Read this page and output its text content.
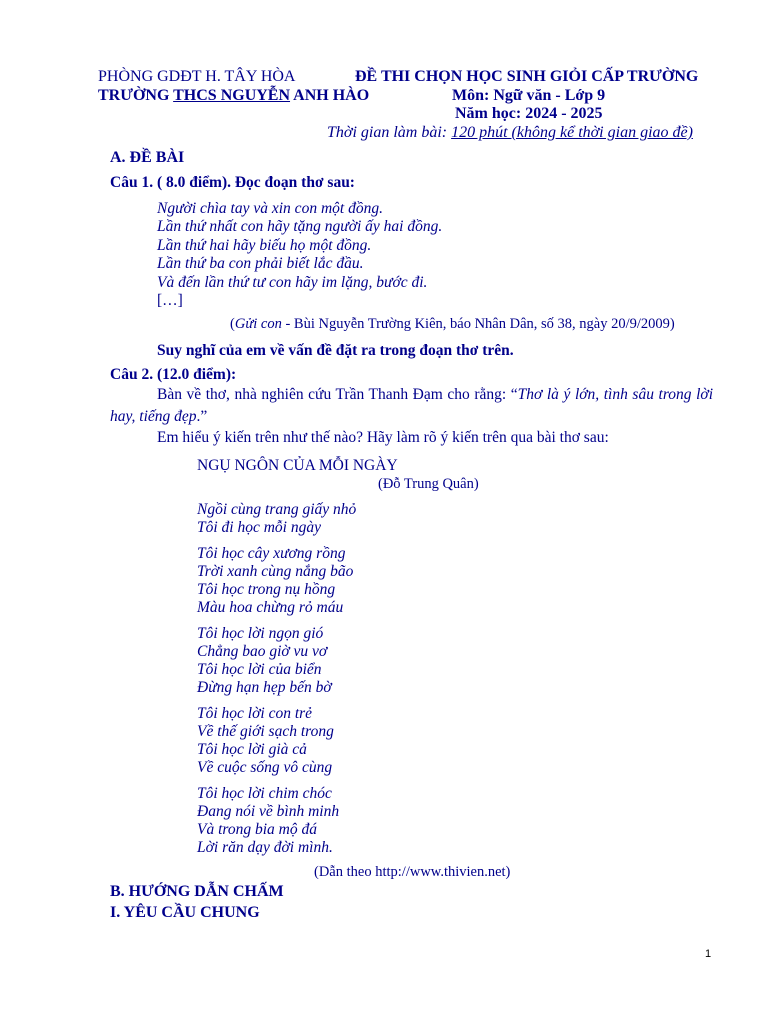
PHÒNG GDĐT H. TÂY HÒA
TRƯỜNG THCS NGUYỄN ANH HÀO
ĐỀ THI CHỌN HỌC SINH GIỎI CẤP TRƯỜNG
Môn: Ngữ văn - Lớp 9
Năm học: 2024 - 2025
Thời gian làm bài: 120 phút (không kể thời gian giao đề)
A. ĐỀ BÀI
Câu 1. ( 8.0 điểm). Đọc đoạn thơ sau:
Người chìa tay và xin con một đồng.
Lần thứ nhất con hãy tặng người ấy hai đồng.
Lần thứ hai hãy biếu họ một đồng.
Lần thứ ba con phải biết lắc đầu.
Và đến lần thứ tư con hãy im lặng, bước đi.
[…]
(Gửi con - Bùi Nguyễn Trường Kiên, báo Nhân Dân, số 38, ngày 20/9/2009)
Suy nghĩ của em về vấn đề đặt ra trong đoạn thơ trên.
Câu 2. (12.0 điểm):
Bàn về thơ, nhà nghiên cứu Trần Thanh Đạm cho rằng: “Thơ là ý lớn, tình sâu trong lời hay, tiếng đẹp.”
Em hiểu ý kiến trên như thế nào? Hãy làm rõ ý kiến trên qua bài thơ sau:
NGỤ NGÔN CỦA MỖI NGÀY
(Đỗ Trung Quân)
Ngồi cùng trang giấy nhỏ
Tôi đi học mỗi ngày
Tôi học cây xương rồng
Trời xanh cùng nắng bão
Tôi học trong nụ hồng
Màu hoa chừng rỏ máu
Tôi học lời ngọn gió
Chẳng bao giờ vu vơ
Tôi học lời của biển
Đừng hạn hẹp bến bờ
Tôi học lời con trẻ
Về thế giới sạch trong
Tôi học lời già cả
Về cuộc sống vô cùng
Tôi học lời chim chóc
Đang nói về bình minh
Và trong bia mộ đá
Lời răn dạy đời mình.
(Dẫn theo http://www.thivien.net)
B. HƯỚNG DẪN CHẤM
I. YÊU CẦU CHUNG
1
